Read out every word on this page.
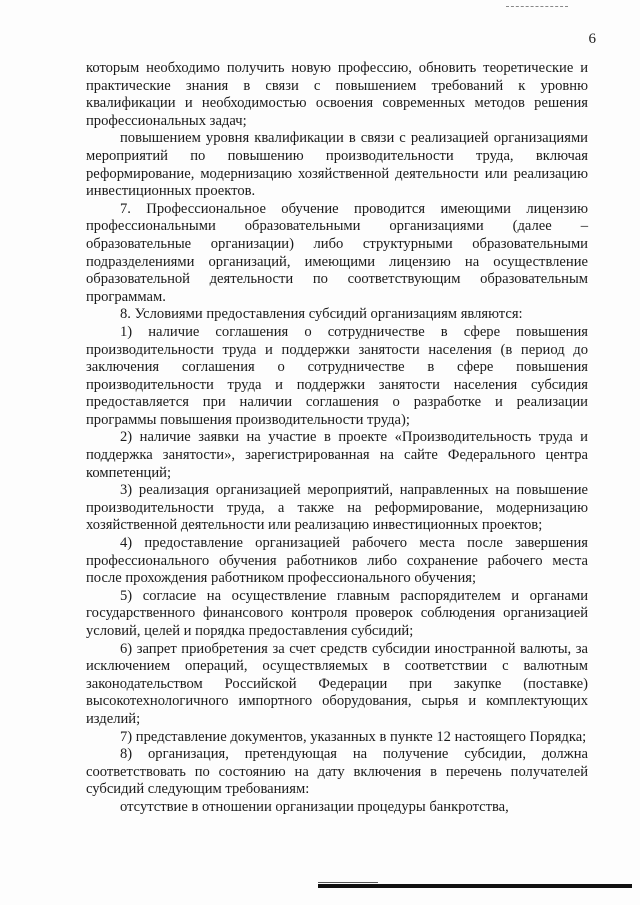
6

которым необходимо получить новую профессию, обновить теоретические и практические знания в связи с повышением требований к уровню квалификации и необходимостью освоения современных методов решения профессиональных задач;

повышением уровня квалификации в связи с реализацией организациями мероприятий по повышению производительности труда, включая реформирование, модернизацию хозяйственной деятельности или реализацию инвестиционных проектов.

7. Профессиональное обучение проводится имеющими лицензию профессиональными образовательными организациями (далее – образовательные организации) либо структурными образовательными подразделениями организаций, имеющими лицензию на осуществление образовательной деятельности по соответствующим образовательным программам.

8. Условиями предоставления субсидий организациям являются:

1) наличие соглашения о сотрудничестве в сфере повышения производительности труда и поддержки занятости населения (в период до заключения соглашения о сотрудничестве в сфере повышения производительности труда и поддержки занятости населения субсидия предоставляется при наличии соглашения о разработке и реализации программы повышения производительности труда);

2) наличие заявки на участие в проекте «Производительность труда и поддержка занятости», зарегистрированная на сайте Федерального центра компетенций;

3) реализация организацией мероприятий, направленных на повышение производительности труда, а также на реформирование, модернизацию хозяйственной деятельности или реализацию инвестиционных проектов;

4) предоставление организацией рабочего места после завершения профессионального обучения работников либо сохранение рабочего места после прохождения работником профессионального обучения;

5) согласие на осуществление главным распорядителем и органами государственного финансового контроля проверок соблюдения организацией условий, целей и порядка предоставления субсидий;

6) запрет приобретения за счет средств субсидии иностранной валюты, за исключением операций, осуществляемых в соответствии с валютным законодательством Российской Федерации при закупке (поставке) высокотехнологичного импортного оборудования, сырья и комплектующих изделий;

7) представление документов, указанных в пункте 12 настоящего Порядка;

8) организация, претендующая на получение субсидии, должна соответствовать по состоянию на дату включения в перечень получателей субсидий следующим требованиям:

отсутствие в отношении организации процедуры банкротства,
